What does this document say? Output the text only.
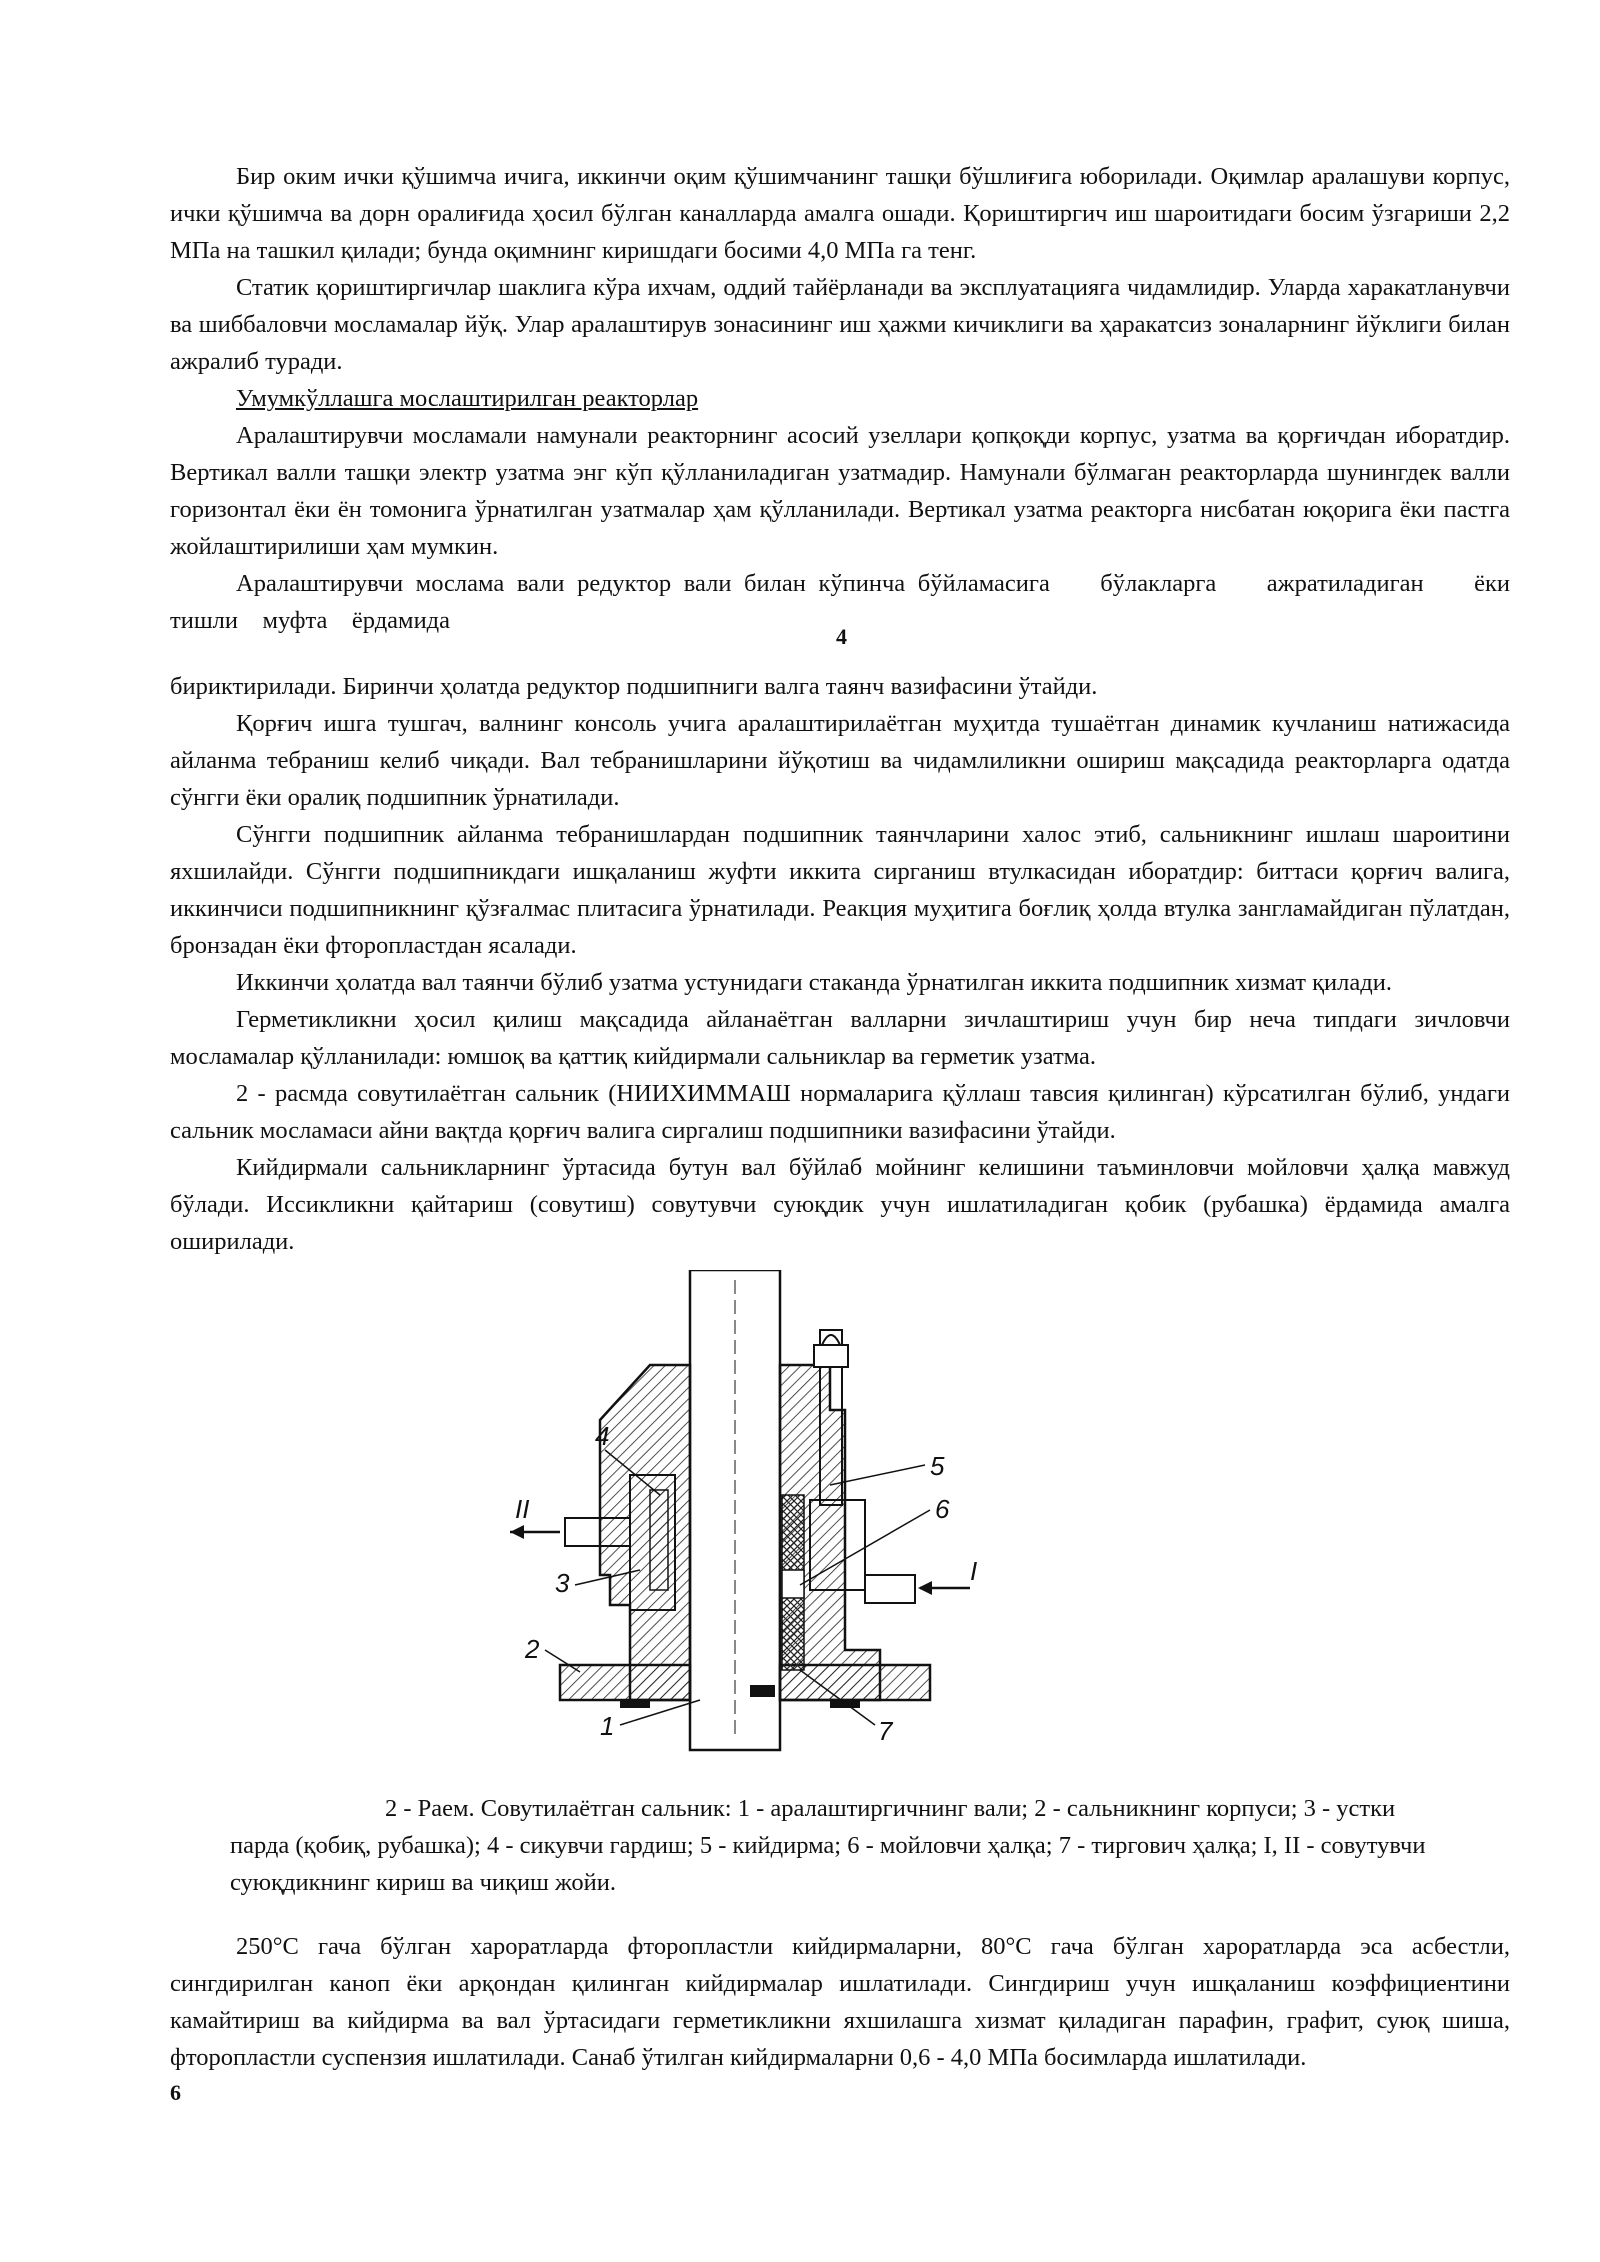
Бир оким ички қўшимча ичига, иккинчи оқим қўшимчанинг ташқи бўшлиғига юборилади. Оқимлар аралашуви корпус, ички қўшимча ва дорн оралиғида ҳосил бўлган каналларда амалга ошади. Қориштиргич иш шароитидаги босим ўзгариши 2,2 МПа на ташкил қилади; бунда оқимнинг киришдаги босими 4,0 МПа га тенг.

Статик қориштиргичлар шаклига кўра ихчам, оддий тайёрланади ва эксплуатацияга чидамлидир. Уларда харакатланувчи ва шиббаловчи мосламалар йўқ. Улар аралаштирув зонасининг иш ҳажми кичиклиги ва ҳаракатсиз зоналарнинг йўклиги билан ажралиб туради.

Умумкўллашга мослаштирилган реакторлар

Аралаштирувчи мосламали намунали реакторнинг асосий узеллари қопқоқди корпус, узатма ва қорғичдан иборатдир. Вертикал валли ташқи электр узатма энг кўп қўлланиладиган узатмадир. Намунали бўлмаган реакторларда шунингдек валли горизонтал ёки ён томонига ўрнатилган узатмалар ҳам қўлланилади. Вертикал узатма реакторга нисбатан юқорига ёки пастга жойлаштирилиши ҳам мумкин.

Аралаштирувчи мослама вали редуктор вали билан кўпинча бўйламасига    бўлакларга    ажратиладиган    ёки

тишли    муфта    ёрдамида

4

бириктирилади. Биринчи ҳолатда редуктор подшипниги валга таянч вазифасини ўтайди.

Қорғич ишга тушгач, валнинг консоль учига аралаштирилаётган муҳитда тушаётган динамик кучланиш натижасида айланма тебраниш келиб чиқади. Вал тебранишларини йўқотиш ва чидамлиликни ошириш мақсадида реакторларга одатда сўнгги ёки оралиқ подшипник ўрнатилади.

Сўнгги подшипник айланма тебранишлардан подшипник таянчларини халос этиб, сальникнинг ишлаш шароитини яхшилайди. Сўнгги подшипникдаги ишқаланиш жуфти иккита сирганиш втулкасидан иборатдир: биттаси қорғич валига, иккинчиси подшипникнинг қўзғалмас плитасига ўрнатилади. Реакция муҳитига боғлиқ ҳолда втулка зангламайдиган пўлатдан, бронзадан ёки фторопластдан ясалади.

Иккинчи ҳолатда вал таянчи бўлиб узатма устунидаги стаканда ўрнатилган иккита подшипник хизмат қилади.

Герметикликни ҳосил қилиш мақсадида айланаётган валларни зичлаштириш учун бир неча типдаги зичловчи мосламалар қўлланилади: юмшоқ ва қаттиқ кийдирмали сальниклар ва герметик узатма.

2 - расмда совутилаётган сальник (НИИХИММАШ нормаларига қўллаш тавсия қилинган) кўрсатилган бўлиб, ундаги сальник мосламаси айни вақтда қорғич валига сиргалиш подшипники вазифасини ўтайди.

Кийдирмали сальникларнинг ўртасида бутун вал бўйлаб мойнинг келишини таъминловчи мойловчи ҳалқа мавжуд бўлади. Иссикликни қайтариш (совутиш) совутувчи суюқдик учун ишлатиладиган қобик (рубашка) ёрдамида амалга оширилади.

4
3
2
1
5
6
7
II
I
2 - Раем. Совутилаётган сальник: 1 - аралаштиргичнинг вали; 2 - сальникнинг корпуси; 3 - устки
парда (қобиқ, рубашка); 4 - сикувчи гардиш; 5 - кийдирма; 6 - мойловчи ҳалқа; 7 - тиргович ҳалқа; I, II - совутувчи суюқдикнинг кириш ва чиқиш жойи.

250°С гача бўлган хароратларда фторопластли кийдирмаларни, 80°С гача бўлган хароратларда эса асбестли, сингдирилган каноп ёки арқондан қилинган кийдирмалар ишлатилади. Сингдириш учун ишқаланиш коэффициентини камайтириш ва кийдирма ва вал ўртасидаги герметикликни яхшилашга хизмат қиладиган парафин, графит, суюқ шиша, фторопластли суспензия ишлатилади. Санаб ўтилган кийдирмаларни 0,6 - 4,0 МПа босимларда ишлатилади.

6
